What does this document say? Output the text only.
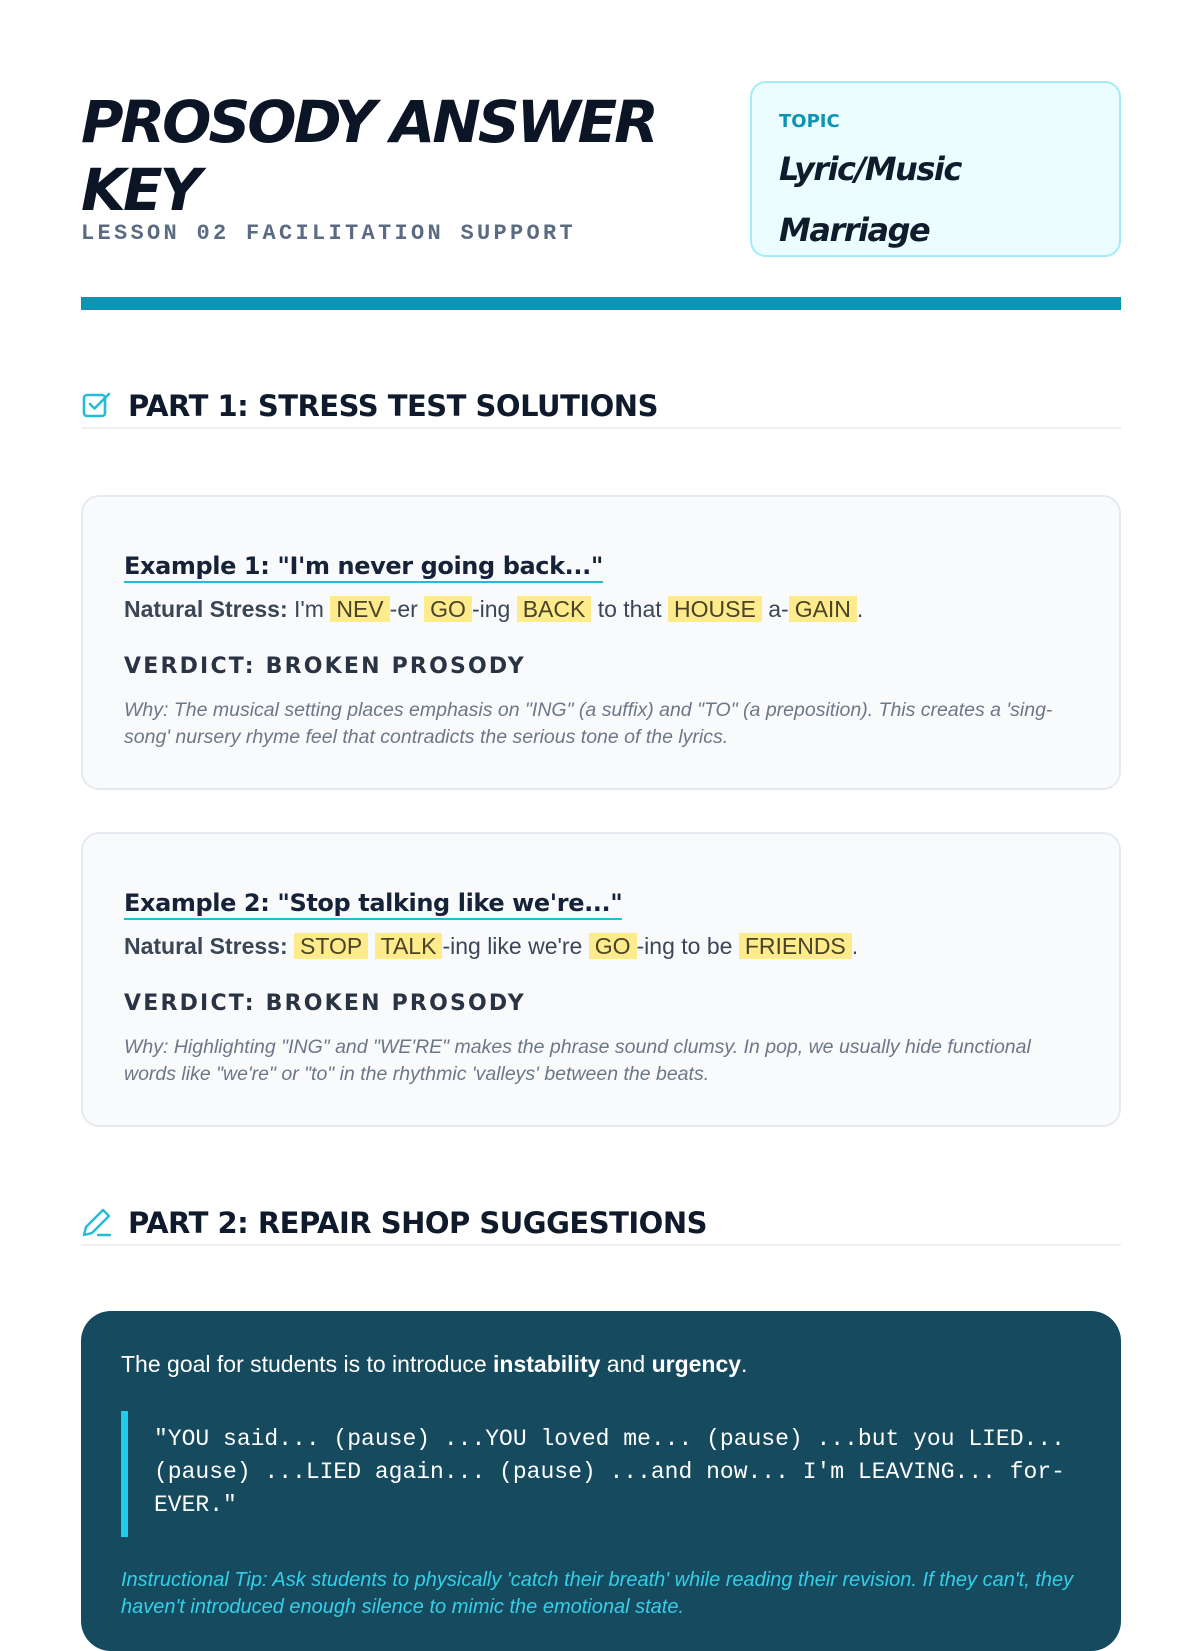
PROSODY ANSWER KEY
LESSON 02 FACILITATION SUPPORT
TOPIC
Lyric/Music Marriage
PART 1: STRESS TEST SOLUTIONS
Example 1: "I'm never going back..."
Natural Stress: I'm NEV -er GO -ing BACK to that HOUSE a- GAIN .
VERDICT: BROKEN PROSODY
Why: The musical setting places emphasis on "ING" (a suffix) and "TO" (a preposition). This creates a 'sing-song' nursery rhyme feel that contradicts the serious tone of the lyrics.
Example 2: "Stop talking like we're..."
Natural Stress: STOP TALK -ing like we're GO -ing to be FRIENDS .
VERDICT: BROKEN PROSODY
Why: Highlighting "ING" and "WE'RE" makes the phrase sound clumsy. In pop, we usually hide functional words like "we're" or "to" in the rhythmic 'valleys' between the beats.
PART 2: REPAIR SHOP SUGGESTIONS
The goal for students is to introduce instability and urgency.
"YOU said... (pause) ...YOU loved me... (pause) ...but you LIED... (pause) ...LIED again... (pause) ...and now... I'm LEAVING... for-EVER."
Instructional Tip: Ask students to physically 'catch their breath' while reading their revision. If they can't, they haven't introduced enough silence to mimic the emotional state.
